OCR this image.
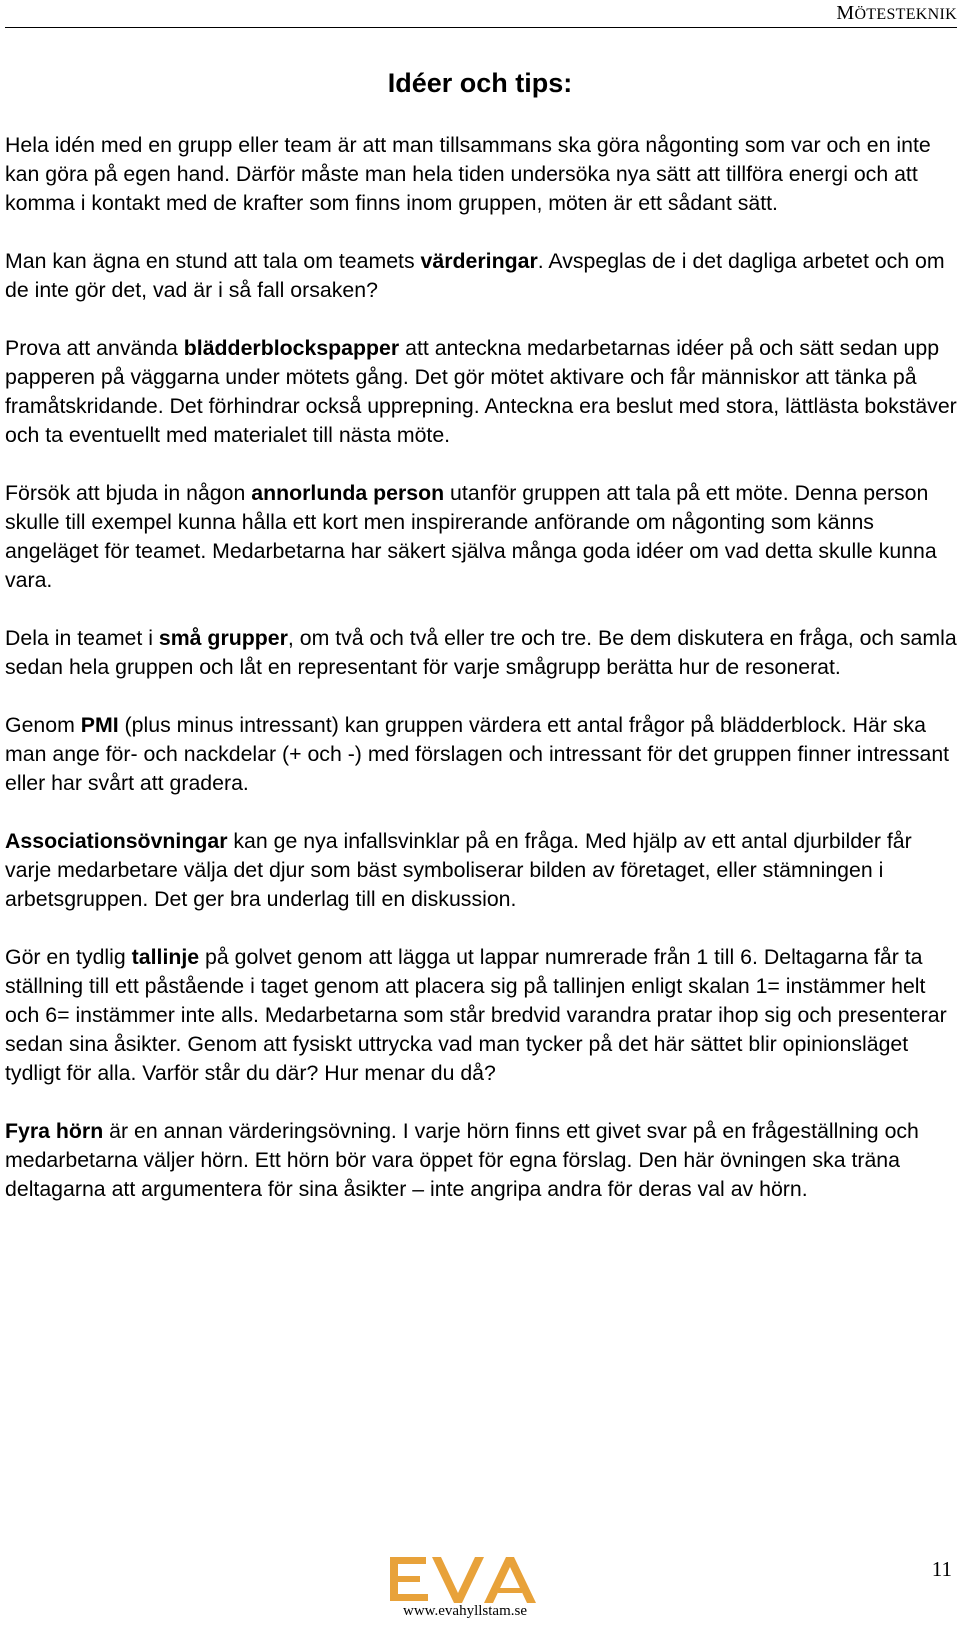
MÖTESTEKNIK
Idéer och tips:

Hela idén med en grupp eller team är att man tillsammans ska göra någonting som var och en inte kan göra på egen hand. Därför måste man hela tiden undersöka nya sätt att tillföra energi och att komma i kontakt med de krafter som finns inom gruppen, möten är ett sådant sätt.

Man kan ägna en stund att tala om teamets värderingar. Avspeglas de i det dagliga arbetet och om de inte gör det, vad är i så fall orsaken?

Prova att använda blädderblockspapper att anteckna medarbetarnas idéer på och sätt sedan upp papperen på väggarna under mötets gång. Det gör mötet aktivare och får människor att tänka på framåtskridande. Det förhindrar också upprepning. Anteckna era beslut med stora, lättlästa bokstäver och ta eventuellt med materialet till nästa möte.

Försök att bjuda in någon annorlunda person utanför gruppen att tala på ett möte. Denna person skulle till exempel kunna hålla ett kort men inspirerande anförande om någonting som känns angeläget för teamet. Medarbetarna har säkert själva många goda idéer om vad detta skulle kunna vara.

Dela in teamet i små grupper, om två och två eller tre och tre. Be dem diskutera en fråga, och samla sedan hela gruppen och låt en representant för varje smågrupp berätta hur de resonerat.

Genom PMI (plus minus intressant) kan gruppen värdera ett antal frågor på blädderblock. Här ska man ange för- och nackdelar (+ och -) med förslagen och intressant för det gruppen finner intressant eller har svårt att gradera.

Associationsövningar kan ge nya infallsvinklar på en fråga. Med hjälp av ett antal djurbilder får varje medarbetare välja det djur som bäst symboliserar bilden av företaget, eller stämningen i arbetsgruppen. Det ger bra underlag till en diskussion.

Gör en tydlig tallinje på golvet genom att lägga ut lappar numrerade från 1 till 6. Deltagarna får ta ställning till ett påstående i taget genom att placera sig på tallinjen enligt skalan 1= instämmer helt och 6= instämmer inte alls. Medarbetarna som står bredvid varandra pratar ihop sig och presenterar sedan sina åsikter. Genom att fysiskt uttrycka vad man tycker på det här sättet blir opinionsläget tydligt för alla. Varför står du där? Hur menar du då?

Fyra hörn är en annan värderingsövning. I varje hörn finns ett givet svar på en frågeställning och medarbetarna väljer hörn. Ett hörn bör vara öppet för egna förslag. Den här övningen ska träna deltagarna att argumentera för sina åsikter – inte angripa andra för deras val av hörn.

www.evahyllstam.se
11
